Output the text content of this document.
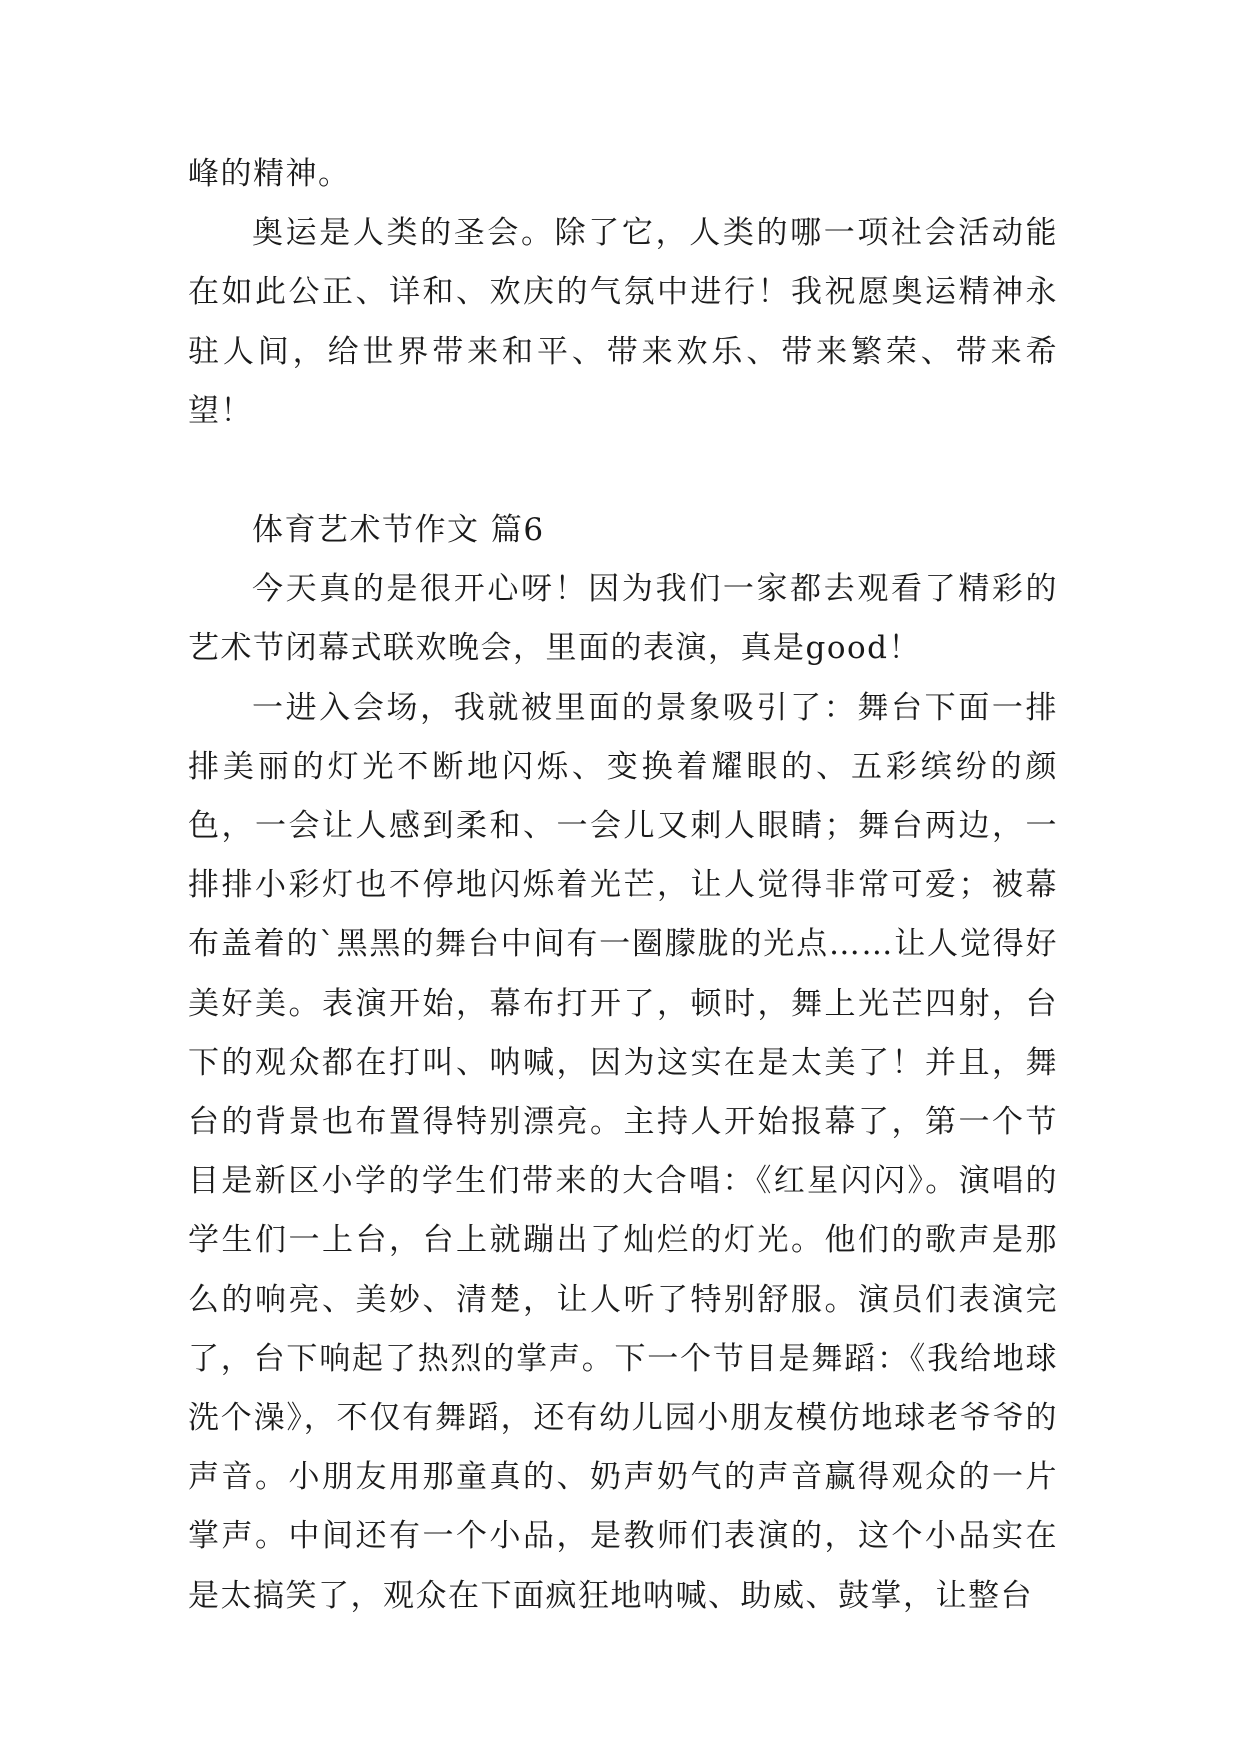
峰的精神。

奥运是人类的圣会。除了它，人类的哪一项社会活动能在如此公正、详和、欢庆的气氛中进行！我祝愿奥运精神永驻人间，给世界带来和平、带来欢乐、带来繁荣、带来希望！

体育艺术节作文 篇6

今天真的是很开心呀！因为我们一家都去观看了精彩的艺术节闭幕式联欢晚会，里面的表演，真是good！

一进入会场，我就被里面的景象吸引了：舞台下面一排排美丽的灯光不断地闪烁、变换着耀眼的、五彩缤纷的颜色，一会让人感到柔和、一会儿又刺人眼睛；舞台两边，一排排小彩灯也不停地闪烁着光芒，让人觉得非常可爱；被幕布盖着的`黑黑的舞台中间有一圈朦胧的光点……让人觉得好美好美。表演开始，幕布打开了，顿时，舞上光芒四射，台下的观众都在打叫、呐喊，因为这实在是太美了！并且，舞台的背景也布置得特别漂亮。主持人开始报幕了，第一个节目是新区小学的学生们带来的大合唱：《红星闪闪》。演唱的学生们一上台，台上就蹦出了灿烂的灯光。他们的歌声是那么的响亮、美妙、清楚，让人听了特别舒服。演员们表演完了，台下响起了热烈的掌声。下一个节目是舞蹈：《我给地球洗个澡》，不仅有舞蹈，还有幼儿园小朋友模仿地球老爷爷的声音。小朋友用那童真的、奶声奶气的声音赢得观众的一片掌声。中间还有一个小品，是教师们表演的，这个小品实在是太搞笑了，观众在下面疯狂地呐喊、助威、鼓掌，让整台
